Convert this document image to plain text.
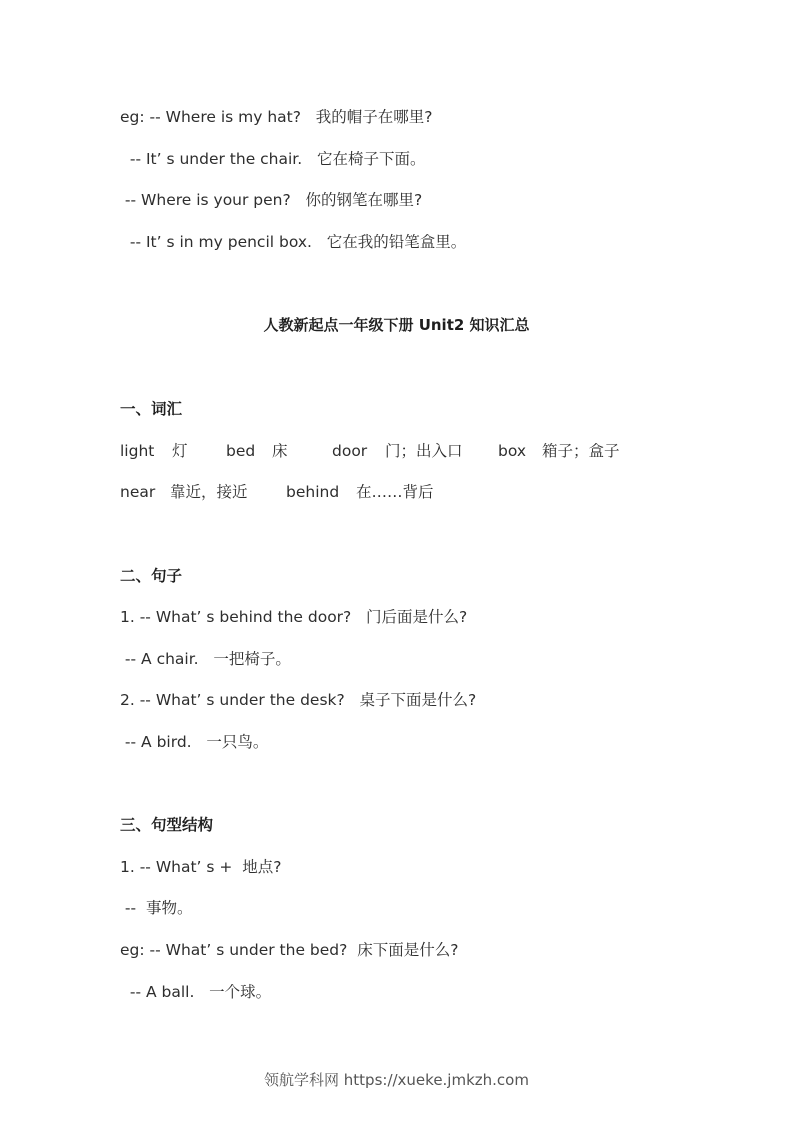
eg: -- Where is my hat?   我的帽子在哪里?
-- It’ s under the chair.   它在椅子下面。
-- Where is your pen?   你的钢笔在哪里?
-- It’ s in my pencil box.   它在我的铅笔盒里。
人教新起点一年级下册 Unit2 知识汇总
一、词汇
light 灯 bed 床	door 门；出入口 box 箱子；盒子
near 靠近，接近 behind 在……背后
二、句子
1. -- What’ s behind the door?   门后面是什么?
-- A chair.   一把椅子。
2. -- What’ s under the desk?   桌子下面是什么?
-- A bird.   一只鸟。
三、句型结构
1. -- What’ s +  地点?
--  事物。
eg: -- What’ s under the bed?  床下面是什么?
-- A ball.   一个球。
领航学科网 https://xueke.jmkzh.com
